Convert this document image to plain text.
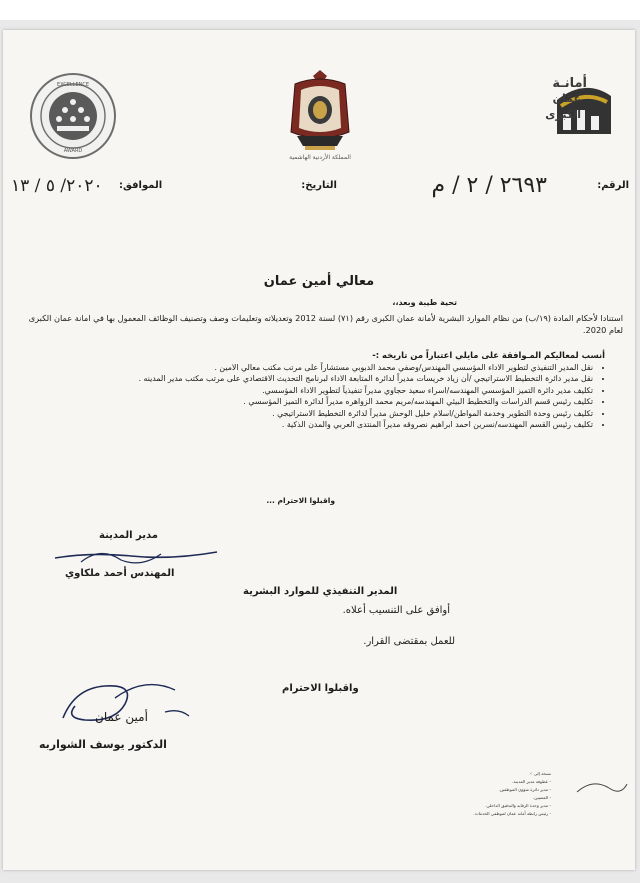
EXCELLENCE
AWARD
المملكة الأردنية الهاشمية
أمانـة
عمّان
الكبرى
الرقم:
٢٦٩٣ / ٢ / م
التاريخ:
الموافق:
٢٠٢٠/ ٥ / ١٣
معالي أمين عمان
تحية طيبة وبعد،،
استنادا لأحكام المادة (١٩/ب) من نظام الموارد البشرية لأمانة عمان الكبرى رقم (٧١) لسنة 2012 وتعديلاته وتعليمات وصف وتصنيف الوظائف المعمول بها في امانة عمان الكبرى لعام 2020.
أنسب لمعاليكم المـوافقة على مايلي اعتباراً من تاريخه :-
• نقل المدير التنفيذي لتطوير الاداء المؤسسي المهندس/وصفي محمد الدبوبي مستشاراً على مرتب مكتب معالي الامين .
• نقل مدير دائرة التخطيط الاستراتيجي /أن زياد خريسات مديراً لدائرة المتابعة الاداء لبرنامج التحديث الاقتصادي على مرتب مكتب مدير المدينه .
• تكليف مدير دائرة التميز المؤسسي المهندسه/اسراء سعيد حجاوي مديراً تنفيذياً لتطوير الاداء المؤسسي.
• تكليف رئيس قسم الدراسات والتخطيط البيئي المهندسه/مريم محمد الزواهره مديراً لدائرة التميز المؤسسي .
• تكليف رئيس وحدة التطوير وخدمة المواطن/اسلام خليل الوحش مديراً لدائرة التخطيط الاستراتيجي .
• تكليف رئيس القسم المهندسه/نسرين احمد ابراهيم نصروقه مديراً المنتدى العربي والمدن الذكية .
واقبلوا الاحترام ...
مدير المدينة
المهندس أحمد ملكاوي
المدير التنفيذي للموارد البشرية
أوافق على التنسيب أعلاه.
للعمل بمقتضى القرار.
واقبلوا الاحترام
أمين عمان
الدكتور يوسف الشواربه
نسخة إلى :-
- عطوفة مدير المدينة.
- مدير دائرة شؤون الموظفين.
- المعنيين.
- مدير وحدة الرقابة والتدقيق الداخلي.
- رئيس رابطة أمانة عمان لموظفي الخدمات.
